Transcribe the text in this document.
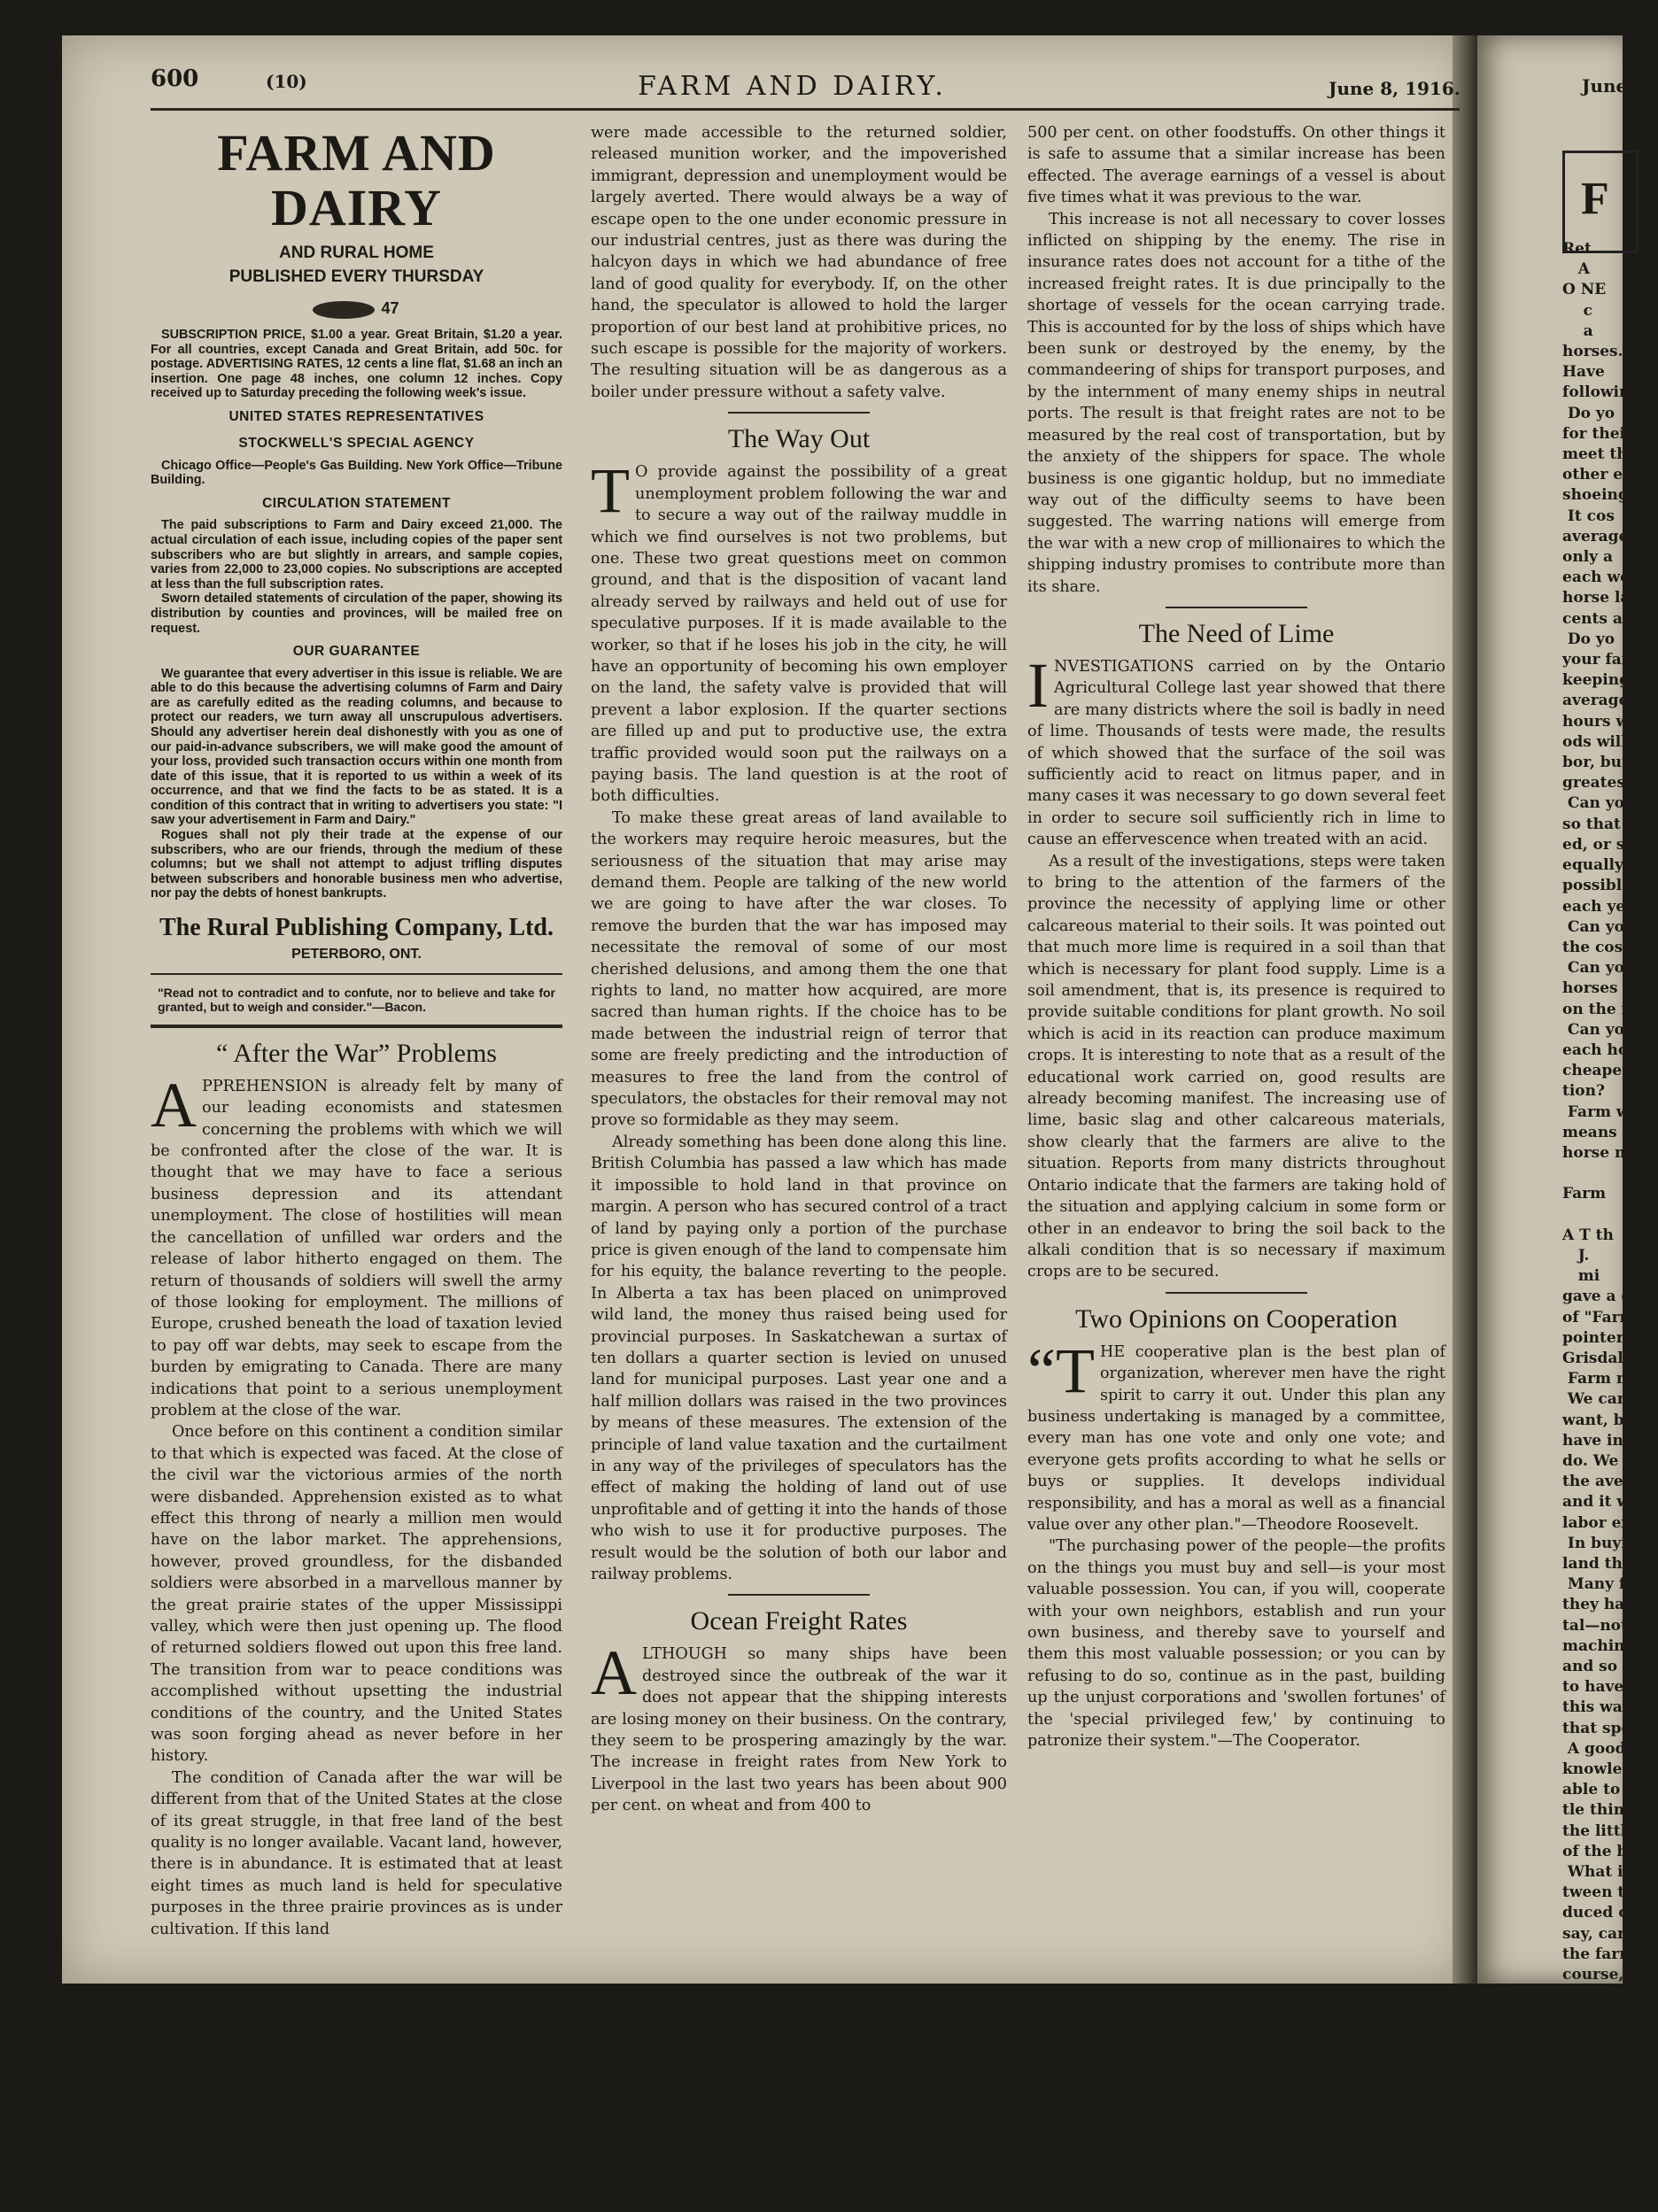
June
F
Ret
A
O NE
c
a
horses.
Have
followin
Do yo
for their
meet th
other ex
shoeing?
It cos
average
only a
each wo
horse la
cents an
Do yo
your far
keeping
average,
hours wo
ods will
bor, but
greatest
Can yo
so that fe
ed, or so
equally
possible
each year
Can yo
the cost o
Can yo
horses fo
on the fa
Can yo
each hor
cheaper f
tion?
Farm w
means a e
horse not

Farm

A T th
J.
mi
gave a g
of "Farm
pointers
Grisdale's
Farm m
We can
want, but
have in s
do. We s
the averag
and it wo
labor expe
In buyin
land than
Many fa
they have
tal—not
machinery
and so for
to have to
this way.
that spells
A good
knowledge
able to gu
tle things,
the little
of the big
What i
tween the
duced on
say, carry
the farm
course, mu
small amo
produced o
Low cost
important
to-day. O
and at leas
ers fail do
Three ho
100-acre fa
and a drive
work these
600	(10)	FARM AND DAIRY.	June 8, 1916.
FARM AND DAIRY
AND RURAL HOME
PUBLISHED EVERY THURSDAY
47

SUBSCRIPTION PRICE, $1.00 a year. Great Britain, $1.20 a year. For all countries, except Canada and Great Britain, add 50c. for postage. ADVERTISING RATES, 12 cents a line flat, $1.68 an inch an insertion. One page 48 inches, one column 12 inches. Copy received up to Saturday preceding the following week's issue.

UNITED STATES REPRESENTATIVES
STOCKWELL'S SPECIAL AGENCY

Chicago Office—People's Gas Building. New York Office—Tribune Building.

CIRCULATION STATEMENT

The paid subscriptions to Farm and Dairy exceed 21,000. The actual circulation of each issue, including copies of the paper sent subscribers who are but slightly in arrears, and sample copies, varies from 22,000 to 23,000 copies. No subscriptions are accepted at less than the full subscription rates.

Sworn detailed statements of circulation of the paper, showing its distribution by counties and provinces, will be mailed free on request.

OUR GUARANTEE

We guarantee that every advertiser in this issue is reliable. We are able to do this because the advertising columns of Farm and Dairy are as carefully edited as the reading columns, and because to protect our readers, we turn away all unscrupulous advertisers. Should any advertiser herein deal dishonestly with you as one of our paid-in-advance subscribers, we will make good the amount of your loss, provided such transaction occurs within one month from date of this issue, that it is reported to us within a week of its occurrence, and that we find the facts to be as stated. It is a condition of this contract that in writing to advertisers you state: "I saw your advertisement in Farm and Dairy."

Rogues shall not ply their trade at the expense of our subscribers, who are our friends, through the medium of these columns; but we shall not attempt to adjust trifling disputes between subscribers and honorable business men who advertise, nor pay the debts of honest bankrupts.

The Rural Publishing Company, Ltd.
PETERBORO, ONT.
"Read not to contradict and to confute, nor to believe and take for granted, but to weigh and consider."—Bacon.
“ After the War” Problems

APPREHENSION is already felt by many of our leading economists and statesmen concerning the problems with which we will be confronted after the close of the war. It is thought that we may have to face a serious business depression and its attendant unemployment. The close of hostilities will mean the cancellation of unfilled war orders and the release of labor hitherto engaged on them. The return of thousands of soldiers will swell the army of those looking for employment. The millions of Europe, crushed beneath the load of taxation levied to pay off war debts, may seek to escape from the burden by emigrating to Canada. There are many indications that point to a serious unemployment problem at the close of the war.

Once before on this continent a condition similar to that which is expected was faced. At the close of the civil war the victorious armies of the north were disbanded. Apprehension existed as to what effect this throng of nearly a million men would have on the labor market. The apprehensions, however, proved groundless, for the disbanded soldiers were absorbed in a marvellous manner by the great prairie states of the upper Mississippi valley, which were then just opening up. The flood of returned soldiers flowed out upon this free land. The transition from war to peace conditions was accomplished without upsetting the industrial conditions of the country, and the United States was soon forging ahead as never before in her history.

The condition of Canada after the war will be different from that of the United States at the close of its great struggle, in that free land of the best quality is no longer available. Vacant land, however, there is in abundance. It is estimated that at least eight times as much land is held for speculative purposes in the three prairie provinces as is under cultivation. If this land

were made accessible to the returned soldier, released munition worker, and the impoverished immigrant, depression and unemployment would be largely averted. There would always be a way of escape open to the one under economic pressure in our industrial centres, just as there was during the halcyon days in which we had abundance of free land of good quality for everybody. If, on the other hand, the speculator is allowed to hold the larger proportion of our best land at prohibitive prices, no such escape is possible for the majority of workers. The resulting situation will be as dangerous as a boiler under pressure without a safety valve.

The Way Out

T O provide against the possibility of a great unemployment problem following the war and to secure a way out of the railway muddle in which we find ourselves is not two problems, but one. These two great questions meet on common ground, and that is the disposition of vacant land already served by railways and held out of use for speculative purposes. If it is made available to the worker, so that if he loses his job in the city, he will have an opportunity of becoming his own employer on the land, the safety valve is provided that will prevent a labor explosion. If the quarter sections are filled up and put to productive use, the extra traffic provided would soon put the railways on a paying basis. The land question is at the root of both difficulties.

To make these great areas of land available to the workers may require heroic measures, but the seriousness of the situation that may arise may demand them. People are talking of the new world we are going to have after the war closes. To remove the burden that the war has imposed may necessitate the removal of some of our most cherished delusions, and among them the one that rights to land, no matter how acquired, are more sacred than human rights. If the choice has to be made between the industrial reign of terror that some are freely predicting and the introduction of measures to free the land from the control of speculators, the obstacles for their removal may not prove so formidable as they may seem.

Already something has been done along this line. British Columbia has passed a law which has made it impossible to hold land in that province on margin. A person who has secured control of a tract of land by paying only a portion of the purchase price is given enough of the land to compensate him for his equity, the balance reverting to the people. In Alberta a tax has been placed on unimproved wild land, the money thus raised being used for provincial purposes. In Saskatchewan a surtax of ten dollars a quarter section is levied on unused land for municipal purposes. Last year one and a half million dollars was raised in the two provinces by means of these measures. The extension of the principle of land value taxation and the curtailment in any way of the privileges of speculators has the effect of making the holding of land out of use unprofitable and of getting it into the hands of those who wish to use it for productive purposes. The result would be the solution of both our labor and railway problems.

Ocean Freight Rates

ALTHOUGH so many ships have been destroyed since the outbreak of the war it does not appear that the shipping interests are losing money on their business. On the contrary, they seem to be prospering amazingly by the war. The increase in freight rates from New York to Liverpool in the last two years has been about 900 per cent. on wheat and from 400 to

500 per cent. on other foodstuffs. On other things it is safe to assume that a similar increase has been effected. The average earnings of a vessel is about five times what it was previous to the war.

This increase is not all necessary to cover losses inflicted on shipping by the enemy. The rise in insurance rates does not account for a tithe of the increased freight rates. It is due principally to the shortage of vessels for the ocean carrying trade. This is accounted for by the loss of ships which have been sunk or destroyed by the enemy, by the commandeering of ships for transport purposes, and by the internment of many enemy ships in neutral ports. The result is that freight rates are not to be measured by the real cost of transportation, but by the anxiety of the shippers for space. The whole business is one gigantic holdup, but no immediate way out of the difficulty seems to have been suggested. The warring nations will emerge from the war with a new crop of millionaires to which the shipping industry promises to contribute more than its share.

The Need of Lime

INVESTIGATIONS carried on by the Ontario Agricultural College last year showed that there are many districts where the soil is badly in need of lime. Thousands of tests were made, the results of which showed that the surface of the soil was sufficiently acid to react on litmus paper, and in many cases it was necessary to go down several feet in order to secure soil sufficiently rich in lime to cause an effervescence when treated with an acid.

As a result of the investigations, steps were taken to bring to the attention of the farmers of the province the necessity of applying lime or other calcareous material to their soils. It was pointed out that much more lime is required in a soil than that which is necessary for plant food supply. Lime is a soil amendment, that is, its presence is required to provide suitable conditions for plant growth. No soil which is acid in its reaction can produce maximum crops. It is interesting to note that as a result of the educational work carried on, good results are already becoming manifest. The increasing use of lime, basic slag and other calcareous materials, show clearly that the farmers are alive to the situation. Reports from many districts throughout Ontario indicate that the farmers are taking hold of the situation and applying calcium in some form or other in an endeavor to bring the soil back to the alkali condition that is so necessary if maximum crops are to be secured.

Two Opinions on Cooperation

“THE cooperative plan is the best plan of organization, wherever men have the right spirit to carry it out. Under this plan any business undertaking is managed by a committee, every man has one vote and only one vote; and everyone gets profits according to what he sells or buys or supplies. It develops individual responsibility, and has a moral as well as a financial value over any other plan."—Theodore Roosevelt.

"The purchasing power of the people—the profits on the things you must buy and sell—is your most valuable possession. You can, if you will, cooperate with your own neighbors, establish and run your own business, and thereby save to yourself and them this most valuable possession; or you can by refusing to do so, continue as in the past, building up the unjust corporations and 'swollen fortunes' of the 'special privileged few,' by continuing to patronize their system."—The Cooperator.
